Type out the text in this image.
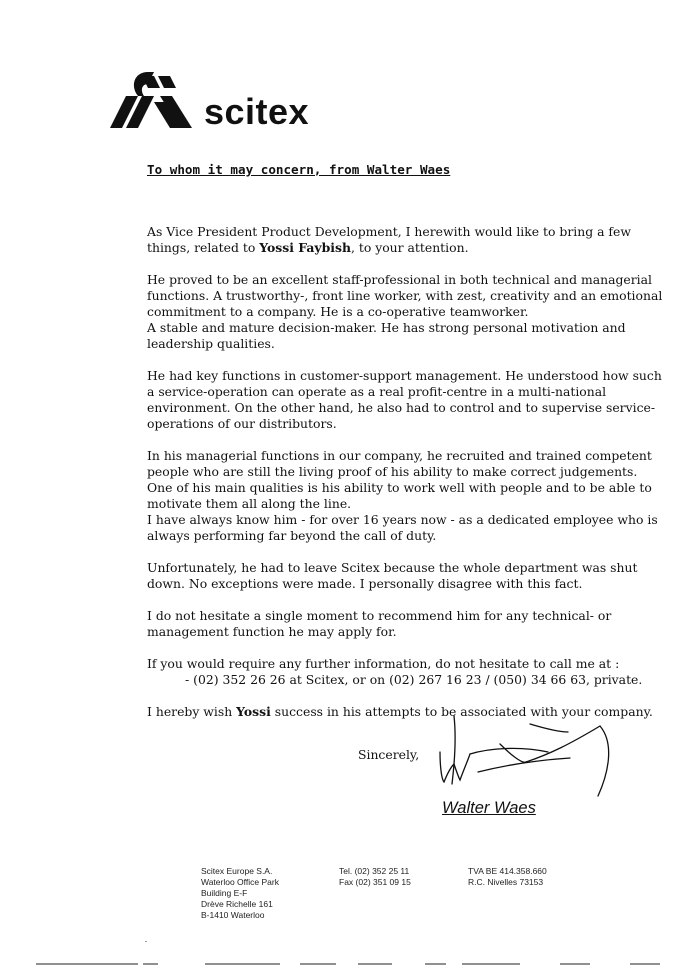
scitex
To whom it may concern, from Walter Waes

As Vice President Product Development, I herewith would like to bring a few things, related to Yossi Faybish, to your attention.

He proved to be an excellent staff-professional in both technical and managerial functions. A trustworthy-, front line worker, with zest, creativity and an emotional commitment to a company. He is a co-operative teamworker.
A stable and mature decision-maker. He has strong personal motivation and leadership qualities.

He had key functions in customer-support management. He understood how such a service-operation can operate as a real profit-centre in a multi-national environment. On the other hand, he also had to control and to supervise service-operations of our distributors.

In his managerial functions in our company, he recruited and trained competent people who are still the living proof of his ability to make correct judgements.
One of his main qualities is his ability to work well with people and to be able to motivate them all along the line.
I have always know him - for over 16 years now - as a dedicated employee who is always performing far beyond the call of duty.

Unfortunately, he had to leave Scitex because the whole department was shut down. No exceptions were made. I personally disagree with this fact.

I do not hesitate a single moment to recommend him for any technical- or management function he may apply for.

If you would require any further information, do not hesitate to call me at :
- (02) 352 26 26 at Scitex, or on (02) 267 16 23 / (050) 34 66 63, private.

I hereby wish Yossi success in his attempts to be associated with your company.

Sincerely,
Walter Waes
Scitex Europe S.A.
Waterloo Office Park
Building E-F
Drève Richelle 161
B-1410 Waterloo
Tel. (02) 352 25 11
Fax (02) 351 09 15
TVA BE 414.358.660
R.C. Nivelles 73153
